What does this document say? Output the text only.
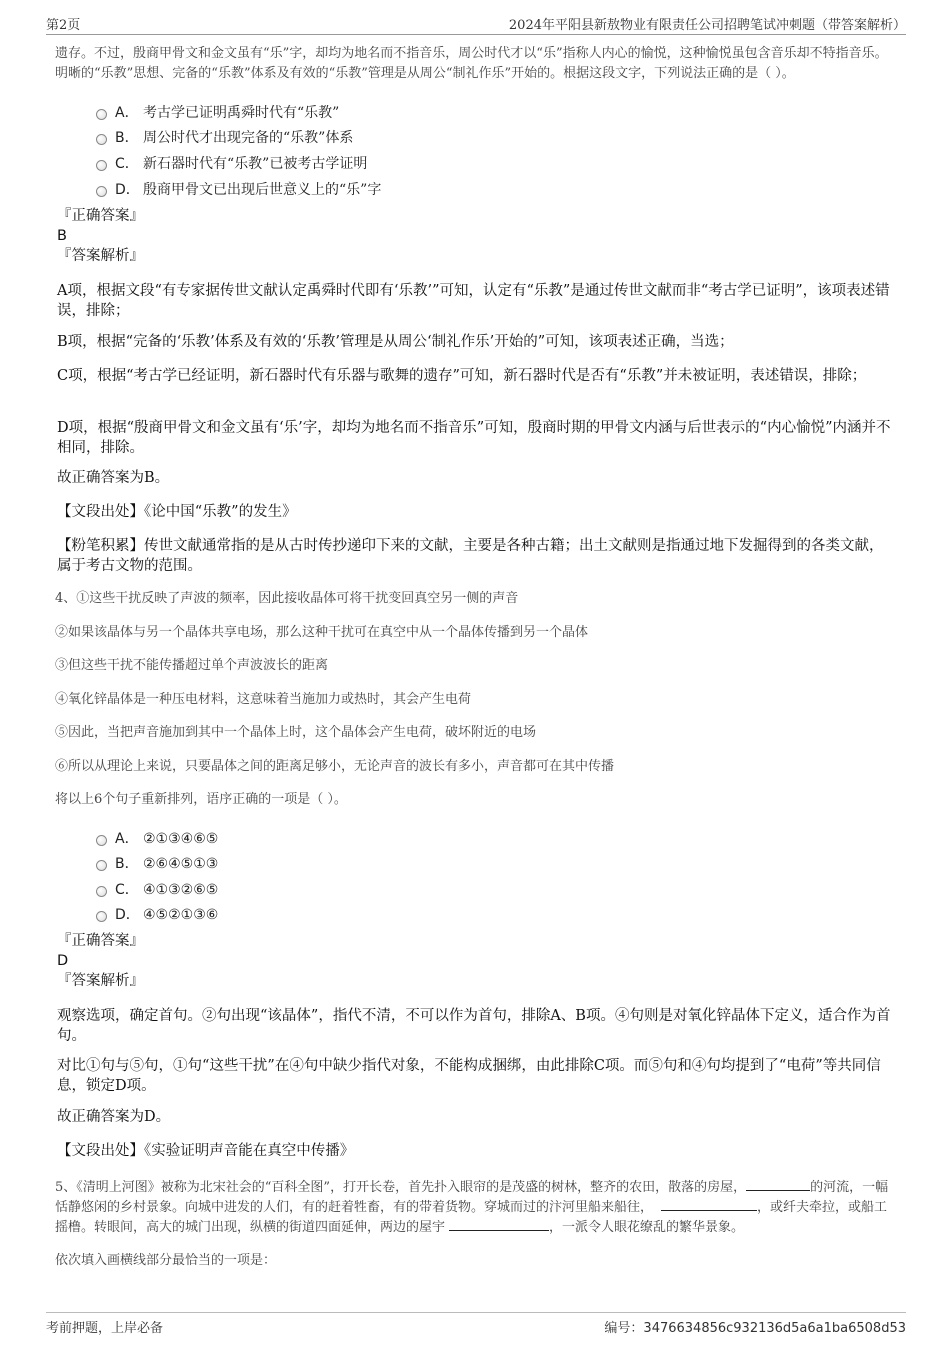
第2页	2024年平阳县新敖物业有限责任公司招聘笔试冲刺题（带答案解析）
遗存。不过，殷商甲骨文和金文虽有“乐”字，却均为地名而不指音乐，周公时代才以“乐”指称人内心的愉悦，这种愉悦虽包含音乐却不特指音乐。明晰的“乐教”思想、完备的“乐教”体系及有效的“乐教”管理是从周公“制礼作乐”开始的。根据这段文字，下列说法正确的是（ ）。
A． 考古学已证明禹舜时代有“乐教”
B． 周公时代才出现完备的“乐教”体系
C． 新石器时代有“乐教”已被考古学证明
D． 殷商甲骨文已出现后世意义上的“乐”字
『正确答案』
B
『答案解析』
A项，根据文段“有专家据传世文献认定禹舜时代即有‘乐教’”可知，认定有“乐教”是通过传世文献而非“考古学已证明”，该项表述错误，排除；
B项，根据“完备的‘乐教’体系及有效的‘乐教’管理是从周公‘制礼作乐’开始的”可知，该项表述正确，当选；
C项，根据“考古学已经证明，新石器时代有乐器与歌舞的遗存”可知，新石器时代是否有“乐教”并未被证明，表述错误，排除；
D项，根据“殷商甲骨文和金文虽有‘乐’字，却均为地名而不指音乐”可知，殷商时期的甲骨文内涵与后世表示的“内心愉悦”内涵并不相同，排除。
故正确答案为B。
【文段出处】《论中国“乐教”的发生》
【粉笔积累】传世文献通常指的是从古时传抄递印下来的文献，主要是各种古籍；出土文献则是指通过地下发掘得到的各类文献，属于考古文物的范围。
4、①这些干扰反映了声波的频率，因此接收晶体可将干扰变回真空另一侧的声音
②如果该晶体与另一个晶体共享电场，那么这种干扰可在真空中从一个晶体传播到另一个晶体
③但这些干扰不能传播超过单个声波波长的距离
④氧化锌晶体是一种压电材料，这意味着当施加力或热时，其会产生电荷
⑤因此，当把声音施加到其中一个晶体上时，这个晶体会产生电荷，破坏附近的电场
⑥所以从理论上来说，只要晶体之间的距离足够小，无论声音的波长有多小，声音都可在其中传播
将以上6个句子重新排列，语序正确的一项是（ ）。
A． ②①③④⑥⑤
B． ②⑥④⑤①③
C． ④①③②⑥⑤
D． ④⑤②①③⑥
『正确答案』
D
『答案解析』
观察选项，确定首句。②句出现“该晶体”，指代不清，不可以作为首句，排除A、B项。④句则是对氧化锌晶体下定义，适合作为首句。
对比①句与⑤句，①句“这些干扰”在④句中缺少指代对象，不能构成捆绑，由此排除C项。而⑤句和④句均提到了“电荷”等共同信息，锁定D项。
故正确答案为D。
【文段出处】《实验证明声音能在真空中传播》
5、《清明上河图》被称为北宋社会的“百科全图”，打开长卷，首先扑入眼帘的是茂盛的树林，整齐的农田，散落的房屋，	的河流，一幅恬静悠闲的乡村景象。向城中进发的人们，有的赶着牲畜，有的带着货物。穿城而过的汴河里船来船往，	，或纤夫牵拉，或船工摇橹。转眼间，高大的城门出现，纵横的街道四面延伸，两边的屋宇	，一派令人眼花缭乱的繁华景象。
依次填入画横线部分最恰当的一项是：
考前押题，上岸必备	编号：3476634856c932136d5a6a1ba6508d53
